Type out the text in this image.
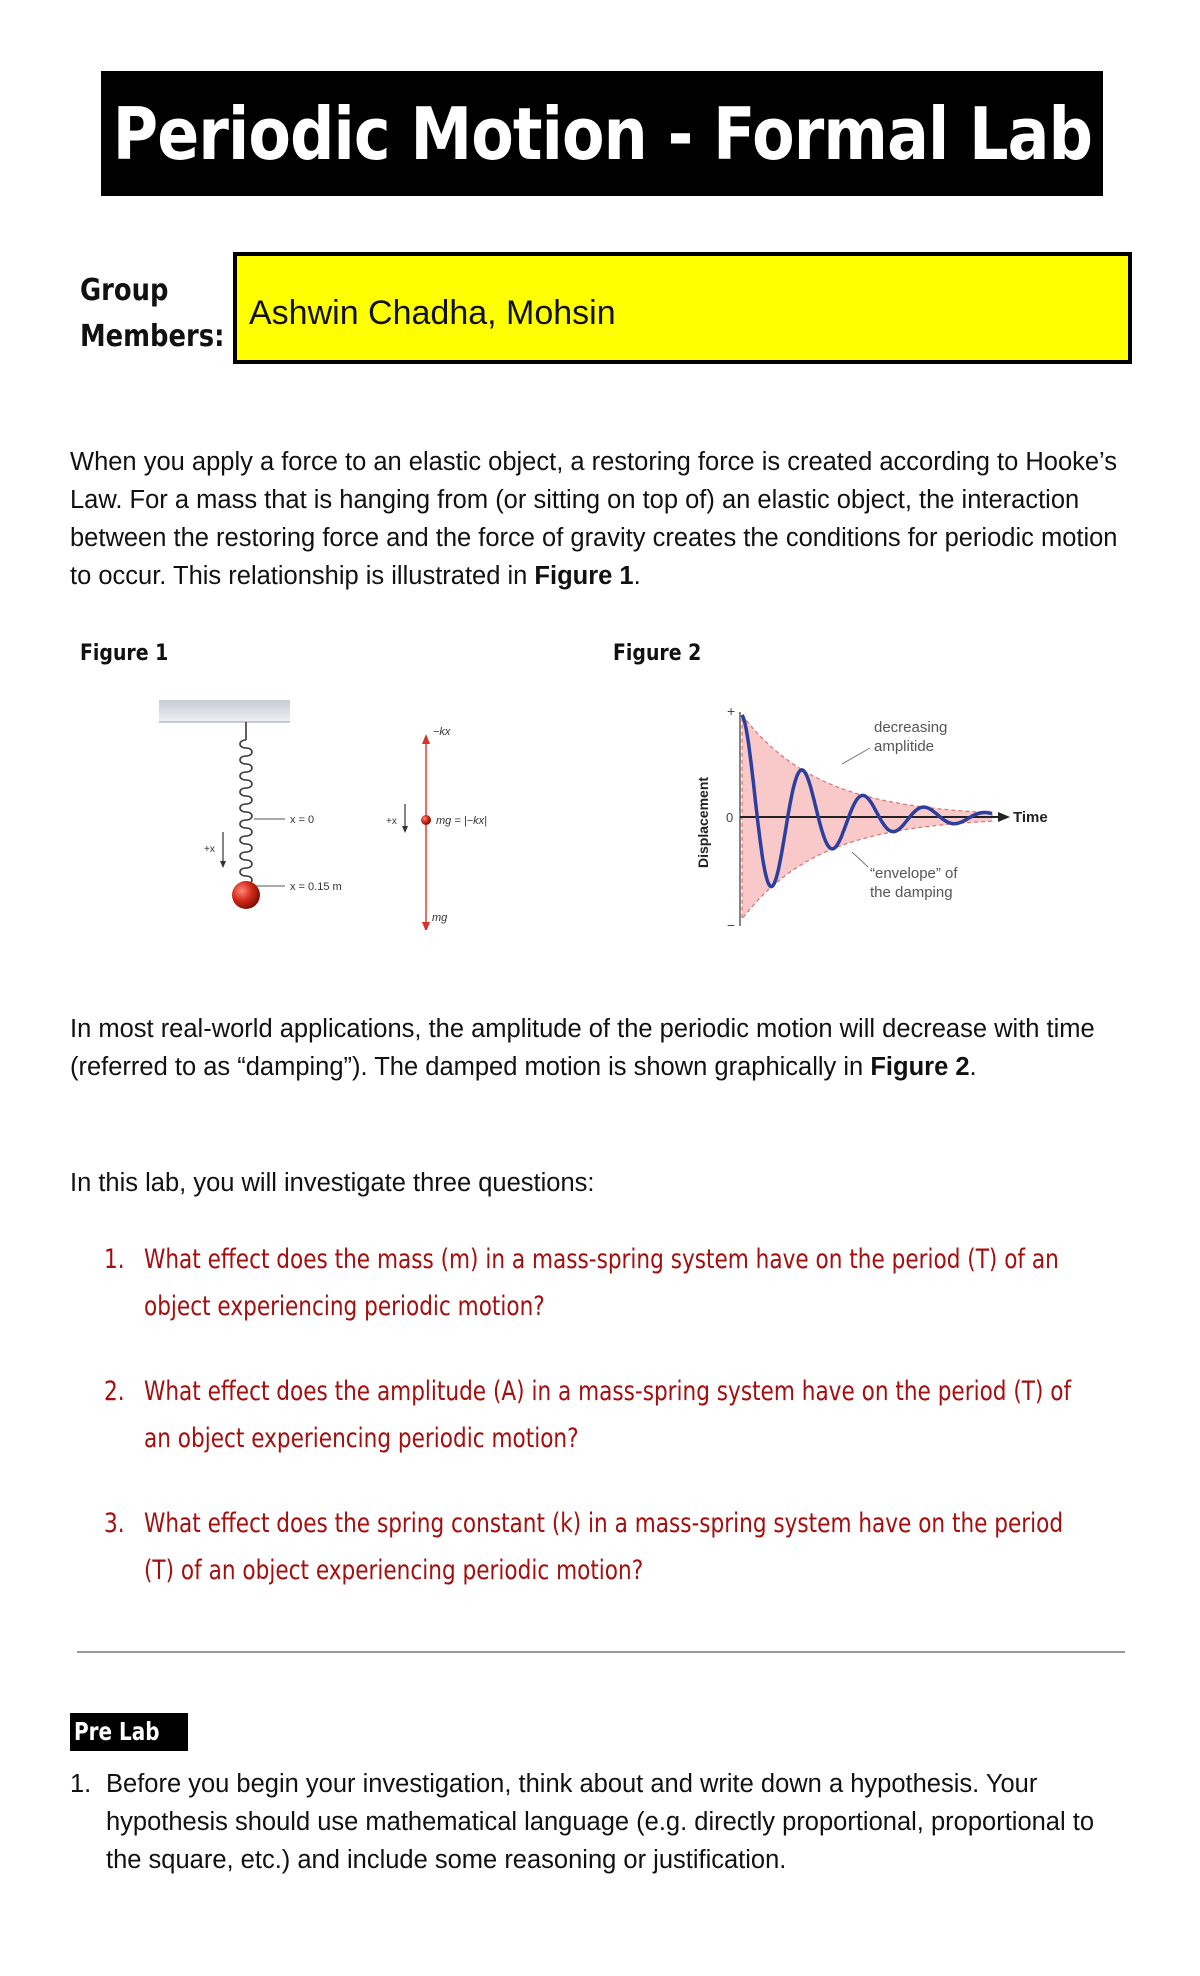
Periodic Motion - Formal Lab
Group
Members:
Ashwin Chadha, Mohsin

When you apply a force to an elastic object, a restoring force is created according to Hooke’s Law. For a mass that is hanging from (or sitting on top of) an elastic object, the interaction between the restoring force and the force of gravity creates the conditions for periodic motion to occur. This relationship is illustrated in Figure 1.

Figure 1	Figure 2
x = 0
x = 0.15 m
+x
−kx
mg = |−kx|
mg
+x
+
0
−
Displacement	Time
decreasing
amplitide
“envelope” of
the damping

In most real-world applications, the amplitude of the periodic motion will decrease with time (referred to as “damping”). The damped motion is shown graphically in Figure 2.

In this lab, you will investigate three questions:

1. What effect does the mass (m) in a mass-spring system have on the period (T) of an object experiencing periodic motion?
2. What effect does the amplitude (A) in a mass-spring system have on the period (T) of an object experiencing periodic motion?
3. What effect does the spring constant (k) in a mass-spring system have on the period (T) of an object experiencing periodic motion?
Pre Lab
1. Before you begin your investigation, think about and write down a hypothesis. Your hypothesis should use mathematical language (e.g. directly proportional, proportional to the square, etc.) and include some reasoning or justification.
